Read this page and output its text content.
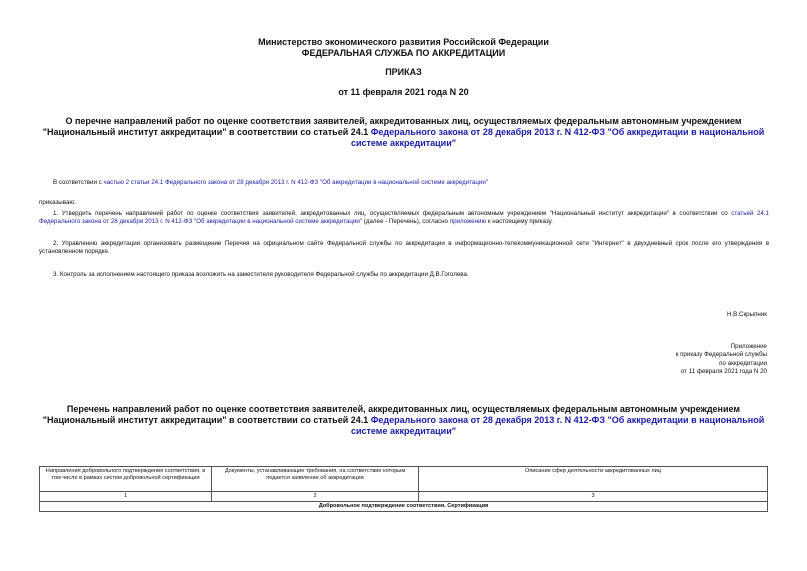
Министерство экономического развития Российской Федерации
ФЕДЕРАЛЬНАЯ СЛУЖБА ПО АККРЕДИТАЦИИ
ПРИКАЗ
от 11 февраля 2021 года N 20
О перечне направлений работ по оценке соответствия заявителей, аккредитованных лиц, осуществляемых федеральным автономным учреждением
"Национальный институт аккредитации" в соответствии со статьей 24.1 Федерального закона от 28 декабря 2013 г. N 412-ФЗ "Об аккредитации в национальной
системе аккредитации"
В соответствии с частью 2 статьи 24.1 Федерального закона от 28 декабря 2013 г. N 412-ФЗ "Об аккредитации в национальной системе аккредитации"
приказываю:
1. Утвердить перечень направлений работ по оценке соответствия заявителей, аккредитованных лиц, осуществляемых федеральным автономным учреждением "Национальный институт аккредитации" в соответствии со статьей 24.1 Федерального закона от 28 декабря 2013 г. N 412-ФЗ "Об аккредитации в национальной системе аккредитации" (далее - Перечень), согласно приложению к настоящему приказу.
2. Управлению аккредитации организовать размещение Перечня на официальном сайте Федеральной службы по аккредитации в информационно-телекоммуникационной сети "Интернет" в двухдневный срок после его утверждения в установленном порядке.
3. Контроль за исполнением настоящего приказа возложить на заместителя руководителя Федеральной службы по аккредитации Д.В.Гоголева.
Н.В.Скрыпник
Приложение
к приказу Федеральной службы
по аккредитации
от 11 февраля 2021 года N 20
Перечень направлений работ по оценке соответствия заявителей, аккредитованных лиц, осуществляемых федеральным автономным учреждением
"Национальный институт аккредитации" в соответствии со статьей 24.1 Федерального закона от 28 декабря 2013 г. N 412-ФЗ "Об аккредитации в национальной
системе аккредитации"
Направления добровольного подтверждения соответствия, в том числе в рамках систем добровольной сертификации	Документы, устанавливающие требования, на соответствие которым подается заявление об аккредитации	Описание сфер деятельности аккредитованных лиц
1	2	3
Добровольное подтверждение соответствия. Сертификация		
